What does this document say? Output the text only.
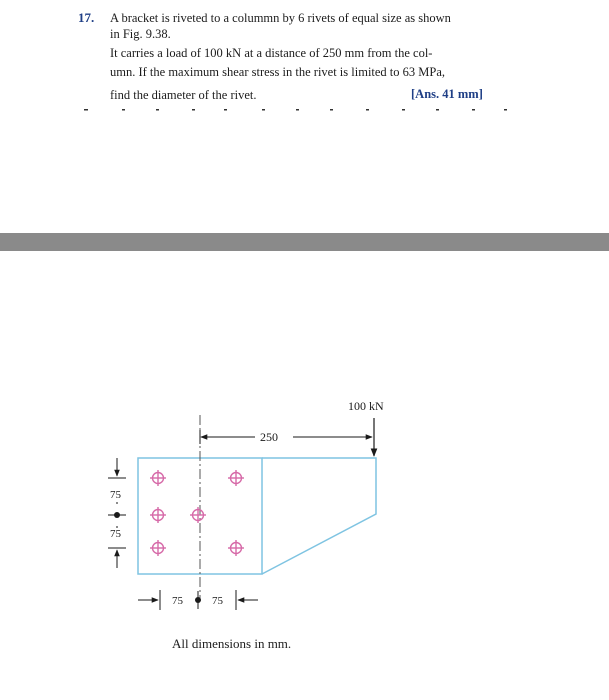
17. A bracket is riveted to a colummn by 6 rivets of equal size as shown
in Fig. 9.38.
It carries a load of 100 kN at a distance of 250 mm from the col-
umn. If the maximum shear stress in the rivet is limited to 63 MPa,
find the diameter of the rivet.	[Ans. 41 mm]
250
100 kN
75
75
75	75
All dimensions in mm.
